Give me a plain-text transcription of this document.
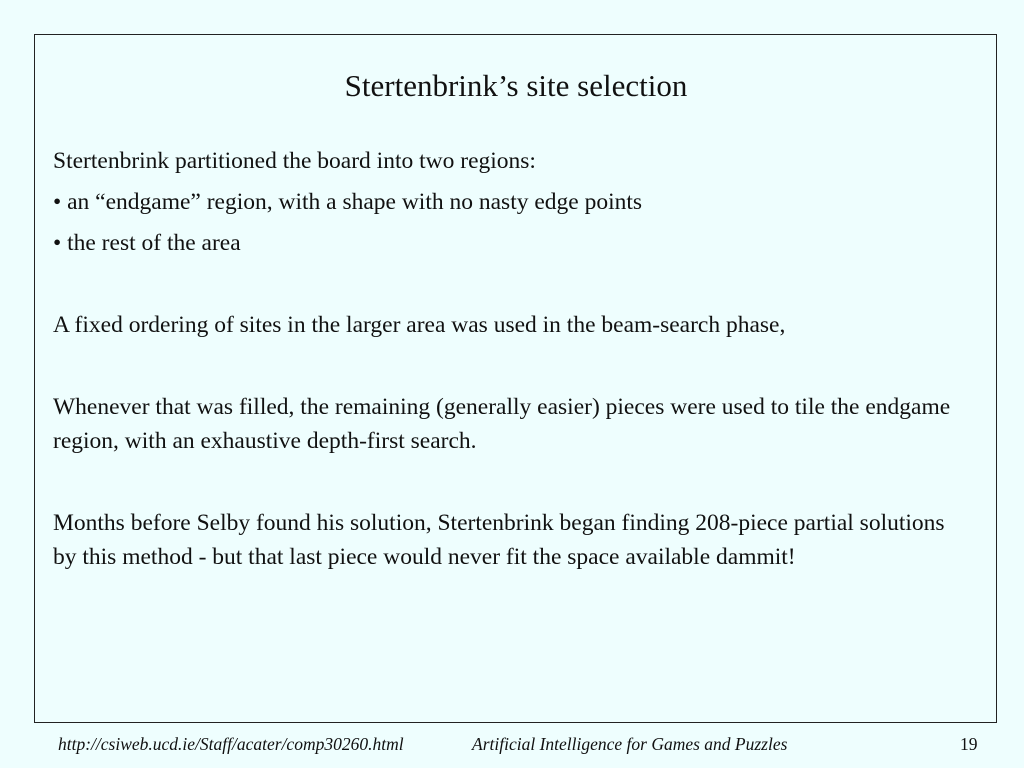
Stertenbrink’s site selection

Stertenbrink partitioned the board into two regions:

• an “endgame” region, with a shape with no nasty edge points

• the rest of the area

A fixed ordering of sites in the larger area was used in the beam-search phase,

Whenever that was filled, the remaining (generally easier) pieces were used to tile the endgame region, with an exhaustive depth-first search.

Months before Selby found his solution, Stertenbrink began finding 208-piece partial solutions by this method - but that last piece would never fit the space available dammit!

http://csiweb.ucd.ie/Staff/acater/comp30260.html	Artificial Intelligence for Games and Puzzles	19
